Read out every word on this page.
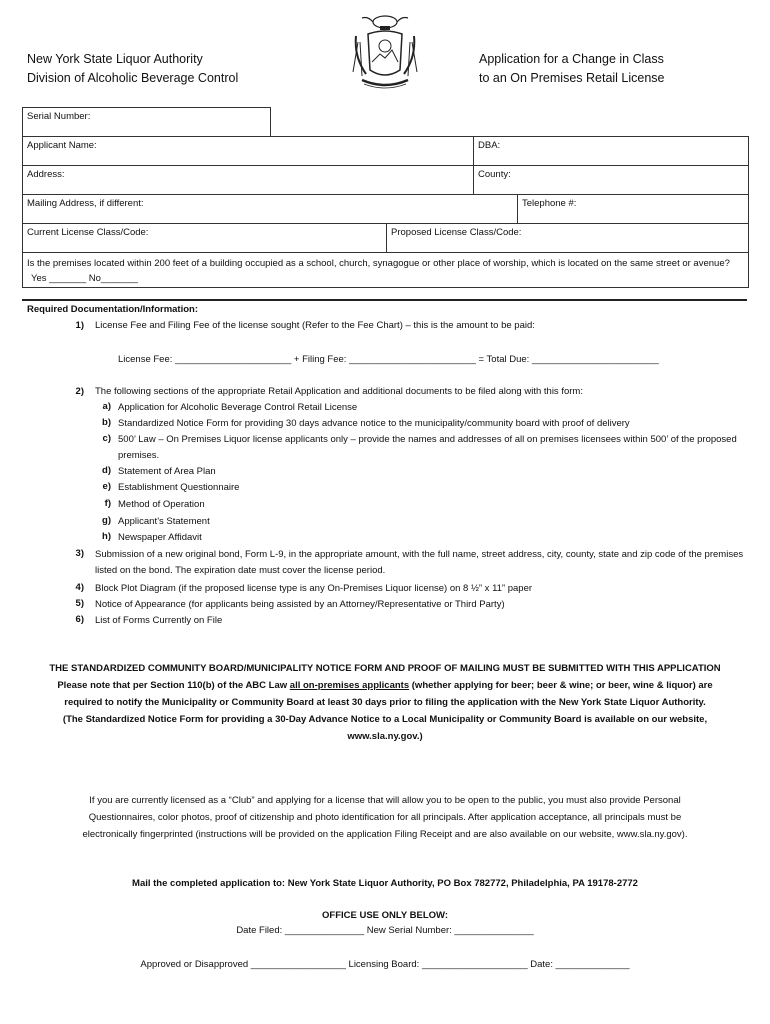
New York State Liquor Authority
Division of Alcoholic Beverage Control
Application for a Change in Class
to an On Premises Retail License
Serial Number:
Applicant Name:	DBA:
Address:	County:
Mailing Address, if different:	Telephone #:
Current License Class/Code:	Proposed License Class/Code:
Is the premises located within 200 feet of a building occupied as a school, church, synagogue or other place of worship, which is located on the same street or avenue? Yes _______ No_______
Required Documentation/Information:
1) License Fee and Filing Fee of the license sought (Refer to the Fee Chart) – this is the amount to be paid:
License Fee: ______________________ + Filing Fee: ________________________ = Total Due: ________________________
2) The following sections of the appropriate Retail Application and additional documents to be filed along with this form:
a) Application for Alcoholic Beverage Control Retail License
b) Standardized Notice Form for providing 30 days advance notice to the municipality/community board with proof of delivery
c) 500’ Law – On Premises Liquor license applicants only – provide the names and addresses of all on premises licensees within 500’ of the proposed premises.
d) Statement of Area Plan
e) Establishment Questionnaire
f) Method of Operation
g) Applicant’s Statement
h) Newspaper Affidavit
3) Submission of a new original bond, Form L-9, in the appropriate amount, with the full name, street address, city, county, state and zip code of the premises listed on the bond. The expiration date must cover the license period.
4) Block Plot Diagram (if the proposed license type is any On-Premises Liquor license) on 8 ½” x 11” paper
5) Notice of Appearance (for applicants being assisted by an Attorney/Representative or Third Party)
6) List of Forms Currently on File
THE STANDARDIZED COMMUNITY BOARD/MUNICIPALITY NOTICE FORM AND PROOF OF MAILING MUST BE SUBMITTED WITH THIS APPLICATION
Please note that per Section 110(b) of the ABC Law all on-premises applicants (whether applying for beer; beer & wine; or beer, wine & liquor) are
required to notify the Municipality or Community Board at least 30 days prior to filing the application with the New York State Liquor Authority.
(The Standardized Notice Form for providing a 30-Day Advance Notice to a Local Municipality or Community Board is available on our website,
www.sla.ny.gov.)
If you are currently licensed as a “Club” and applying for a license that will allow you to be open to the public, you must also provide Personal
Questionnaires, color photos, proof of citizenship and photo identification for all principals. After application acceptance, all principals must be
electronically fingerprinted (instructions will be provided on the application Filing Receipt and are also available on our website, www.sla.ny.gov).
Mail the completed application to: New York State Liquor Authority, PO Box 782772, Philadelphia, PA 19178-2772
OFFICE USE ONLY BELOW:
Date Filed: _______________ New Serial Number: _______________
Approved or Disapproved __________________ Licensing Board: ____________________ Date: ______________
